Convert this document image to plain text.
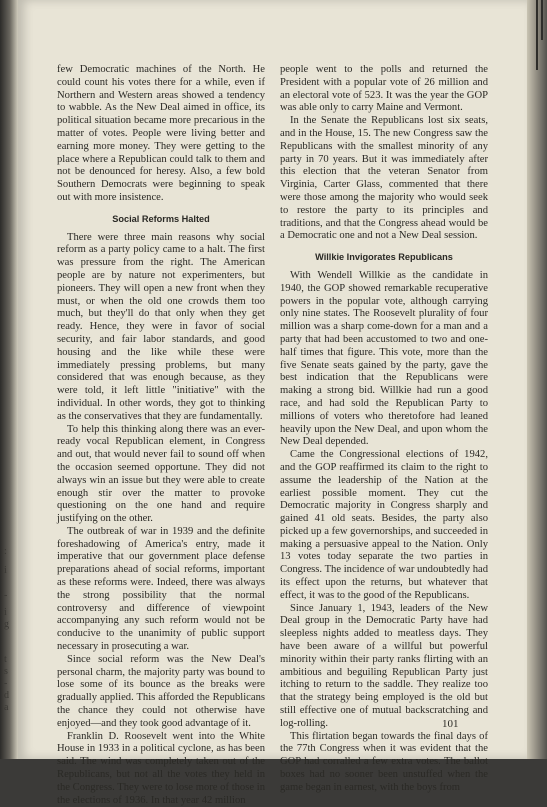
:
i
-
i
g
t
s
-
d
a

few Democratic machines of the North. He could count his votes there for a while, even if Northern and Western areas showed a tendency to wabble. As the New Deal aimed in office, its political situation became more precarious in the matter of votes. People were living better and earning more money. They were getting to the place where a Republican could talk to them and not be denounced for heresy. Also, a few bold Southern Democrats were beginning to speak out with more insistence.

Social Reforms Halted

There were three main reasons why social reform as a party policy came to a halt. The first was pressure from the right. The American people are by nature not experimenters, but pioneers. They will open a new front when they must, or when the old one crowds them too much, but they'll do that only when they get ready. Hence, they were in favor of social security, and fair labor standards, and good housing and the like while these were immediately pressing problems, but many considered that was enough because, as they were told, it left little "initiative" with the individual. In other words, they got to thinking as the conservatives that they are fundamentally.

To help this thinking along there was an ever-ready vocal Republican element, in Congress and out, that would never fail to sound off when the occasion seemed opportune. They did not always win an issue but they were able to create enough stir over the matter to provoke questioning on the one hand and require justifying on the other.

The outbreak of war in 1939 and the definite foreshadowing of America's entry, made it imperative that our government place defense preparations ahead of social reforms, important as these reforms were. Indeed, there was always the strong possibility that the normal controversy and difference of viewpoint accompanying any such reform would not be conducive to the unanimity of public support necessary in prosecuting a war.

Since social reform was the New Deal's personal charm, the majority party was bound to lose some of its bounce as the breaks were gradually applied. This afforded the Republicans the chance they could not otherwise have enjoyed—and they took good advantage of it.

Franklin D. Roosevelt went into the White House in 1933 in a political cyclone, as has been said. The wind was completely taken out of the Republicans, but not all the votes they held in the Congress. They were to lose more of those in the elections of 1936. In that year 42 million

people went to the polls and returned the President with a popular vote of 26 million and an electoral vote of 523. It was the year the GOP was able only to carry Maine and Vermont.

In the Senate the Republicans lost six seats, and in the House, 15. The new Congress saw the Republicans with the smallest minority of any party in 70 years. But it was immediately after this election that the veteran Senator from Virginia, Carter Glass, commented that there were those among the majority who would seek to restore the party to its principles and traditions, and that the Congress ahead would be a Democratic one and not a New Deal session.

Willkie Invigorates Republicans

With Wendell Willkie as the candidate in 1940, the GOP showed remarkable recuperative powers in the popular vote, although carrying only nine states. The Roosevelt plurality of four million was a sharp come-down for a man and a party that had been accustomed to two and one-half times that figure. This vote, more than the five Senate seats gained by the party, gave the best indication that the Republicans were making a strong bid. Willkie had run a good race, and had sold the Republican Party to millions of voters who theretofore had leaned heavily upon the New Deal, and upon whom the New Deal depended.

Came the Congressional elections of 1942, and the GOP reaffirmed its claim to the right to assume the leadership of the Nation at the earliest possible moment. They cut the Democratic majority in Congress sharply and gained 41 old seats. Besides, the party also picked up a few governorships, and succeeded in making a persuasive appeal to the Nation. Only 13 votes today separate the two parties in Congress. The incidence of war undoubtedly had its effect upon the returns, but whatever that effect, it was to the good of the Republicans.

Since January 1, 1943, leaders of the New Deal group in the Democratic Party have had sleepless nights added to meatless days. They have been aware of a willful but powerful minority within their party ranks flirting with an ambitious and beguiling Republican Party just itching to return to the saddle. They realize too that the strategy being employed is the old but still effective one of mutual backscratching and log-rolling.

This flirtation began towards the final days of the 77th Congress when it was evident that the GOP had corralled a few extra votes. The ballot boxes had no sooner been unstuffed when the game began in earnest, with the boys from

101
